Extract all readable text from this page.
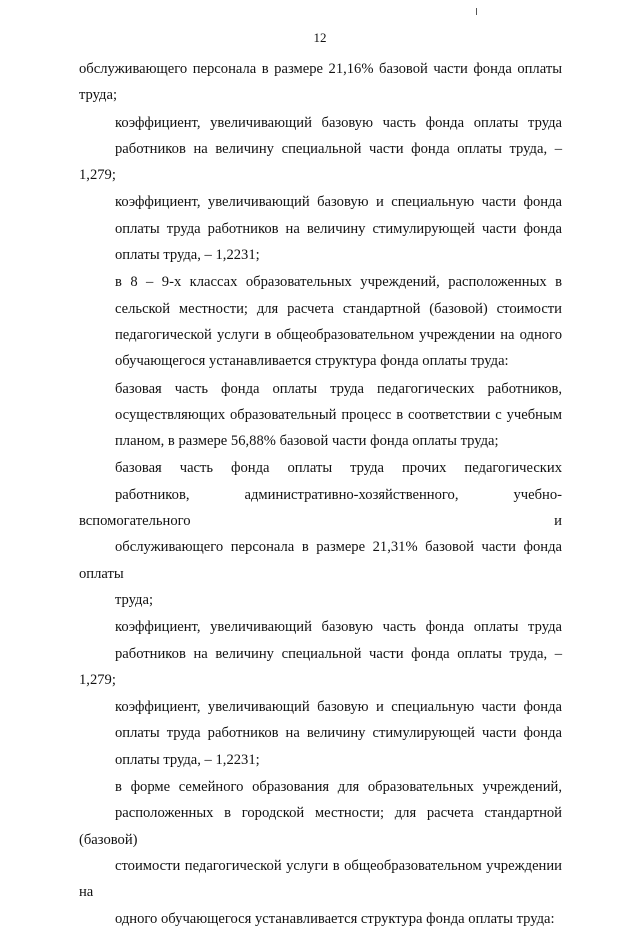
12

обслуживающего персонала в размере 21,16% базовой части фонда оплаты
труда;

коэффициент, увеличивающий базовую часть фонда оплаты труда
работников на величину специальной части фонда оплаты труда, – 1,279;

коэффициент, увеличивающий базовую и специальную части фонда
оплаты труда работников на величину стимулирующей части фонда
оплаты труда, – 1,2231;

в 8 – 9-х классах образовательных учреждений, расположенных в
сельской местности; для расчета стандартной (базовой) стоимости
педагогической услуги в общеобразовательном учреждении на одного
обучающегося устанавливается структура фонда оплаты труда:

базовая часть фонда оплаты труда педагогических работников,
осуществляющих образовательный процесс в соответствии с учебным
планом, в размере 56,88% базовой части фонда оплаты труда;

базовая часть фонда оплаты труда прочих педагогических
работников, административно-хозяйственного, учебно-вспомогательного и
обслуживающего персонала в размере 21,31% базовой части фонда оплаты
труда;

коэффициент, увеличивающий базовую часть фонда оплаты труда
работников на величину специальной части фонда оплаты труда, – 1,279;

коэффициент, увеличивающий базовую и специальную части фонда
оплаты труда работников на величину стимулирующей части фонда
оплаты труда, – 1,2231;

в форме семейного образования для образовательных учреждений,
расположенных в городской местности; для расчета стандартной (базовой)
стоимости педагогической услуги в общеобразовательном учреждении на
одного обучающегося устанавливается структура фонда оплаты труда:
